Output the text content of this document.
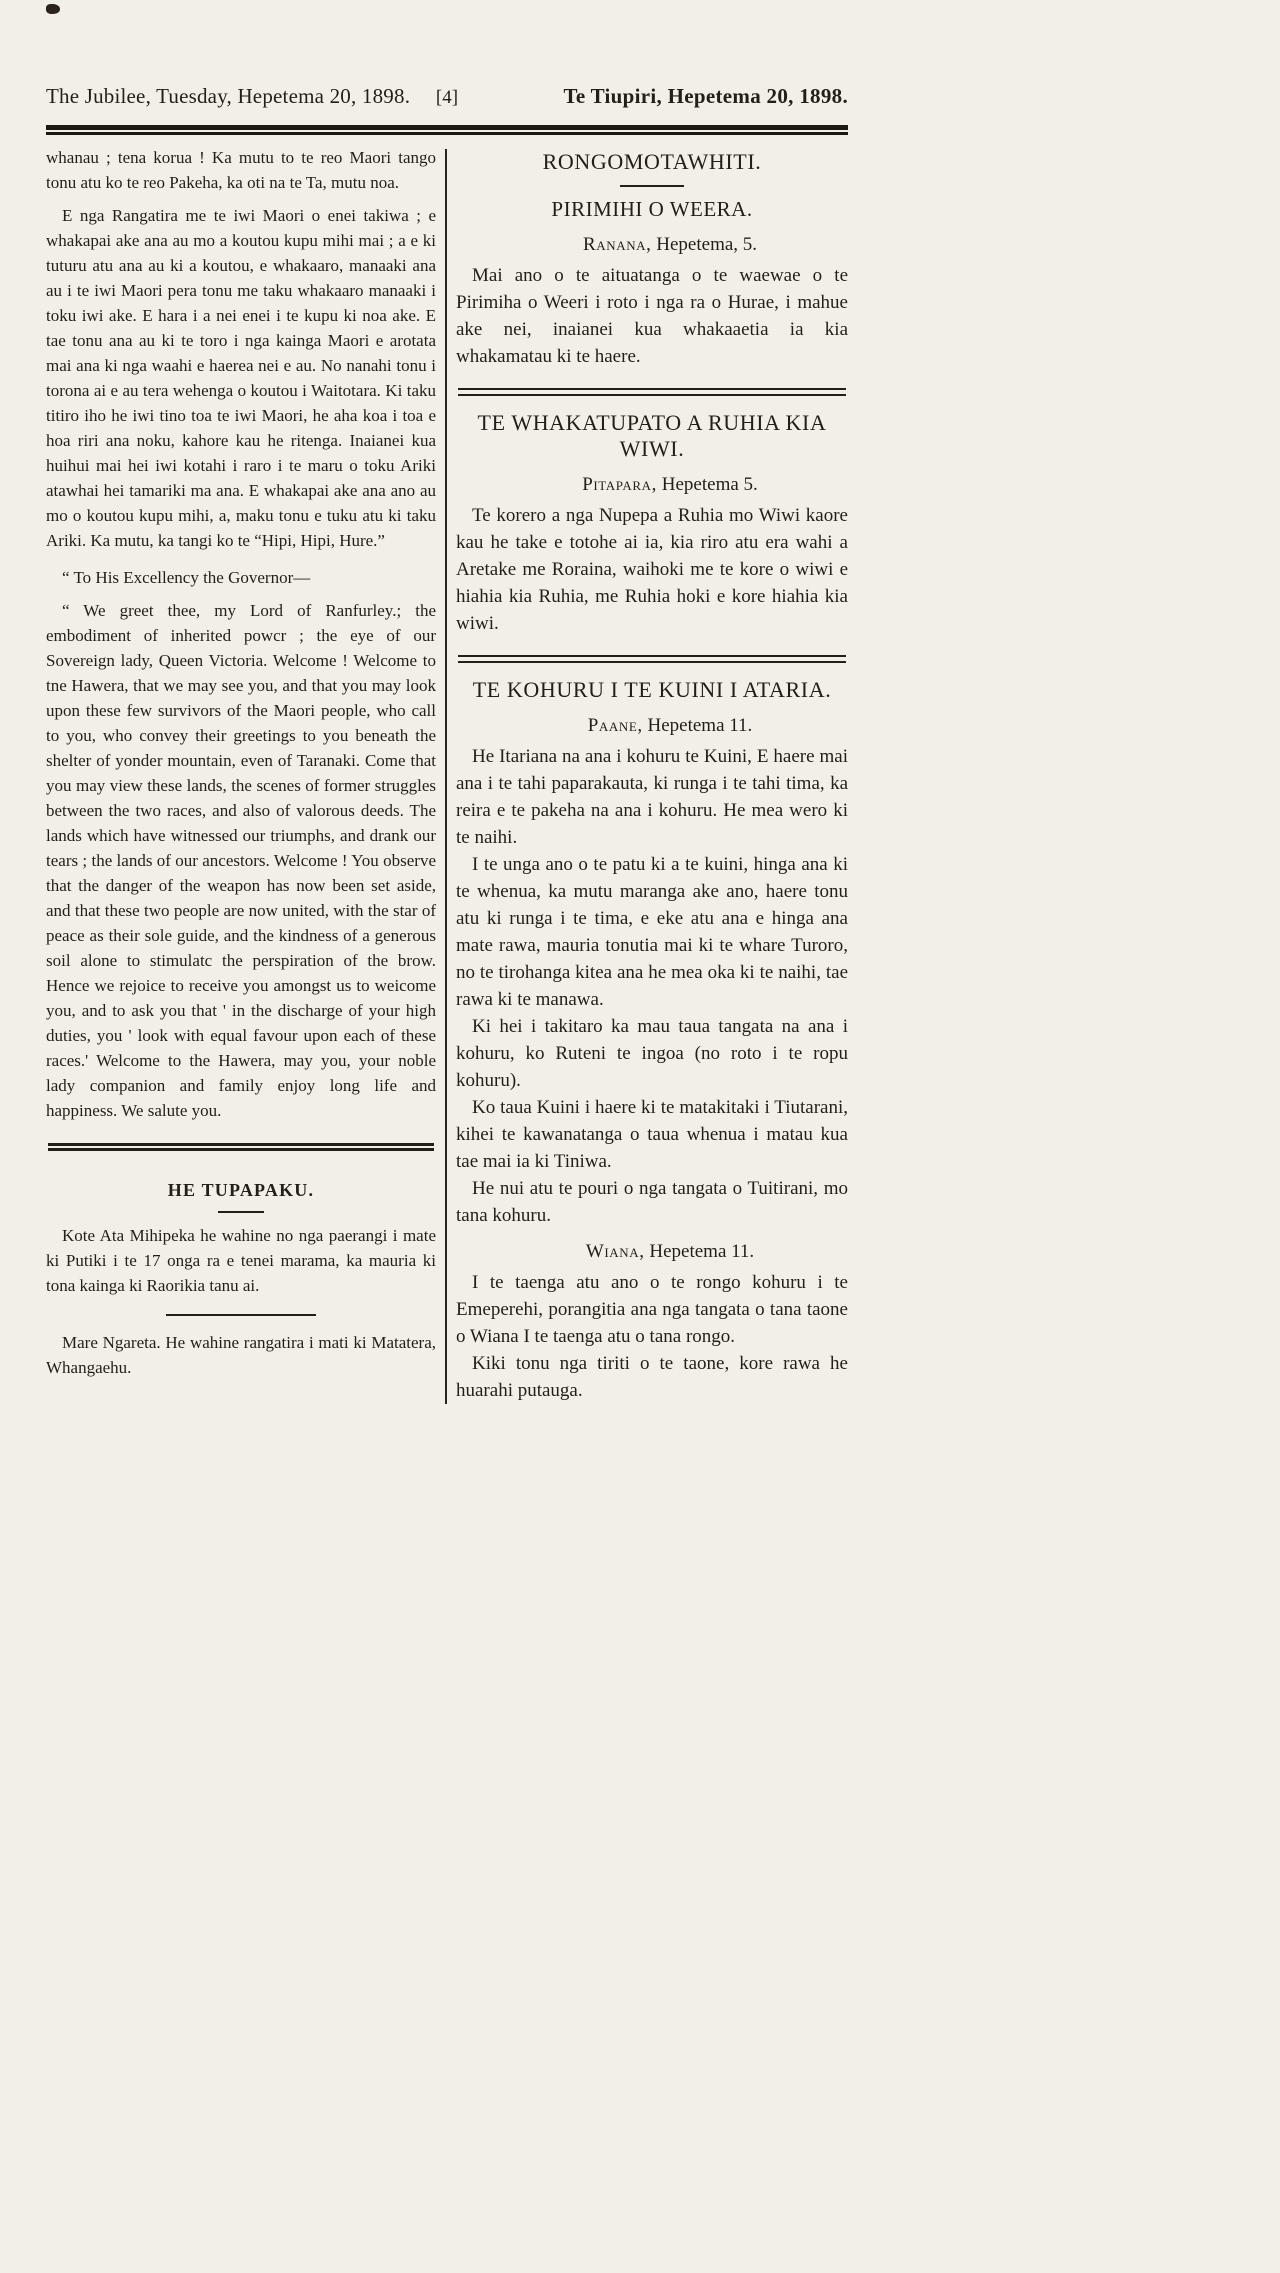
The Jubilee, Tuesday, Hepetema 20, 1898.	[4]	Te Tiupiri, Hepetema 20, 1898.

whanau ; tena korua ! Ka mutu to te reo Maori tango tonu atu ko te reo Pakeha, ka oti na te Ta, mutu noa.

E nga Rangatira me te iwi Maori o enei takiwa ; e whakapai ake ana au mo a koutou kupu mihi mai ; a e ki tuturu atu ana au ki a koutou, e whakaaro, manaaki ana au i te iwi Maori pera tonu me taku whakaaro manaaki i toku iwi ake. E hara i a nei enei i te kupu ki noa ake. E tae tonu ana au ki te toro i nga kainga Maori e arotata mai ana ki nga waahi e haerea nei e au. No nanahi tonu i torona ai e au tera wehenga o koutou i Waitotara. Ki taku titiro iho he iwi tino toa te iwi Maori, he aha koa i toa e hoa riri ana noku, kahore kau he ritenga. Inaianei kua huihui mai hei iwi kotahi i raro i te maru o toku Ariki atawhai hei tamariki ma ana. E whakapai ake ana ano au mo o koutou kupu mihi, a, maku tonu e tuku atu ki taku Ariki. Ka mutu, ka tangi ko te “Hipi, Hipi, Hure.”

“ To His Excellency the Governor—

“ We greet thee, my Lord of Ranfurley.; the embodiment of inherited powcr ; the eye of our Sovereign lady, Queen Victoria. Welcome ! Welcome to tne Hawera, that we may see you, and that you may look upon these few survivors of the Maori people, who call to you, who convey their greetings to you beneath the shelter of yonder mountain, even of Taranaki. Come that you may view these lands, the scenes of former struggles between the two races, and also of valorous deeds. The lands which have witnessed our triumphs, and drank our tears ; the lands of our ancestors. Welcome ! You observe that the danger of the weapon has now been set aside, and that these two people are now united, with the star of peace as their sole guide, and the kindness of a generous soil alone to stimulatc the perspiration of the brow. Hence we rejoice to receive you amongst us to weicome you, and to ask you that ' in the discharge of your high duties, you ' look with equal favour upon each of these races.' Welcome to the Hawera, may you, your noble lady companion and family enjoy long life and happiness. We salute you.

HE TUPAPAKU.

Kote Ata Mihipeka he wahine no nga paerangi i mate ki Putiki i te 17 onga ra e tenei marama, ka mauria ki tona kainga ki Raorikia tanu ai.

Mare Ngareta. He wahine rangatira i mati ki Matatera, Whangaehu.

RONGOMOTAWHITI.
PIRIMIHI O WEERA.

Ranana, Hepetema, 5.

Mai ano o te aituatanga o te waewae o te Pirimiha o Weeri i roto i nga ra o Hurae, i mahue ake nei, inaianei kua whakaaetia ia kia whakamatau ki te haere.

TE WHAKATUPATO A RUHIA KIA WIWI.

Pitapara, Hepetema 5.

Te korero a nga Nupepa a Ruhia mo Wiwi kaore kau he take e totohe ai ia, kia riro atu era wahi a Aretake me Roraina, waihoki me te kore o wiwi e hiahia kia Ruhia, me Ruhia hoki e kore hiahia kia wiwi.

TE KOHURU I TE KUINI I ATARIA.

Paane, Hepetema 11.

He Itariana na ana i kohuru te Kuini, E haere mai ana i te tahi paparakauta, ki runga i te tahi tima, ka reira e te pakeha na ana i kohuru. He mea wero ki te naihi.

I te unga ano o te patu ki a te kuini, hinga ana ki te whenua, ka mutu maranga ake ano, haere tonu atu ki runga i te tima, e eke atu ana e hinga ana mate rawa, mauria tonutia mai ki te whare Turoro, no te tirohanga kitea ana he mea oka ki te naihi, tae rawa ki te manawa.

Ki hei i takitaro ka mau taua tangata na ana i kohuru, ko Ruteni te ingoa (no roto i te ropu kohuru).

Ko taua Kuini i haere ki te matakitaki i Tiutarani, kihei te kawanatanga o taua whenua i matau kua tae mai ia ki Tiniwa.

He nui atu te pouri o nga tangata o Tuitirani, mo tana kohuru.

Wiana, Hepetema 11.

I te taenga atu ano o te rongo kohuru i te Emeperehi, porangitia ana nga tangata o tana taone o Wiana I te taenga atu o tana rongo.

Kiki tonu nga tiriti o te taone, kore rawa he huarahi putauga.
